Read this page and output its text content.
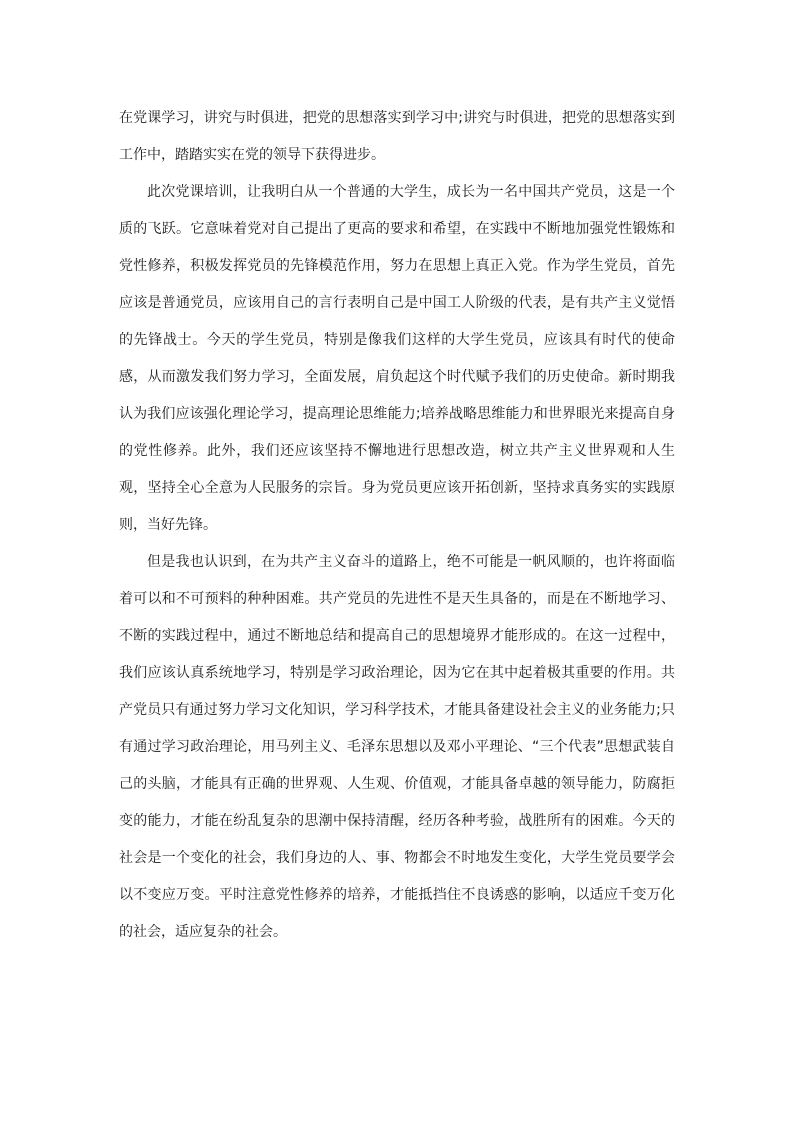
在党课学习，讲究与时俱进，把党的思想落实到学习中;讲究与时俱进，把党的思想落实到工作中，踏踏实实在党的领导下获得进步。

此次党课培训，让我明白从一个普通的大学生，成长为一名中国共产党员，这是一个质的飞跃。它意味着党对自己提出了更高的要求和希望，在实践中不断地加强党性锻炼和党性修养，积极发挥党员的先锋模范作用，努力在思想上真正入党。作为学生党员，首先应该是普通党员，应该用自己的言行表明自己是中国工人阶级的代表，是有共产主义觉悟的先锋战士。今天的学生党员，特别是像我们这样的大学生党员，应该具有时代的使命感，从而激发我们努力学习，全面发展，肩负起这个时代赋予我们的历史使命。新时期我认为我们应该强化理论学习，提高理论思维能力;培养战略思维能力和世界眼光来提高自身的党性修养。此外，我们还应该坚持不懈地进行思想改造，树立共产主义世界观和人生观，坚持全心全意为人民服务的宗旨。身为党员更应该开拓创新，坚持求真务实的实践原则，当好先锋。

但是我也认识到，在为共产主义奋斗的道路上，绝不可能是一帆风顺的，也许将面临着可以和不可预料的种种困难。共产党员的先进性不是天生具备的，而是在不断地学习、不断的实践过程中，通过不断地总结和提高自己的思想境界才能形成的。在这一过程中，我们应该认真系统地学习，特别是学习政治理论，因为它在其中起着极其重要的作用。共产党员只有通过努力学习文化知识，学习科学技术，才能具备建设社会主义的业务能力;只有通过学习政治理论，用马列主义、毛泽东思想以及邓小平理论、“三个代表”思想武装自己的头脑，才能具有正确的世界观、人生观、价值观，才能具备卓越的领导能力，防腐拒变的能力，才能在纷乱复杂的思潮中保持清醒，经历各种考验，战胜所有的困难。今天的社会是一个变化的社会，我们身边的人、事、物都会不时地发生变化，大学生党员要学会以不变应万变。平时注意党性修养的培养，才能抵挡住不良诱惑的影响，以适应千变万化的社会，适应复杂的社会。
